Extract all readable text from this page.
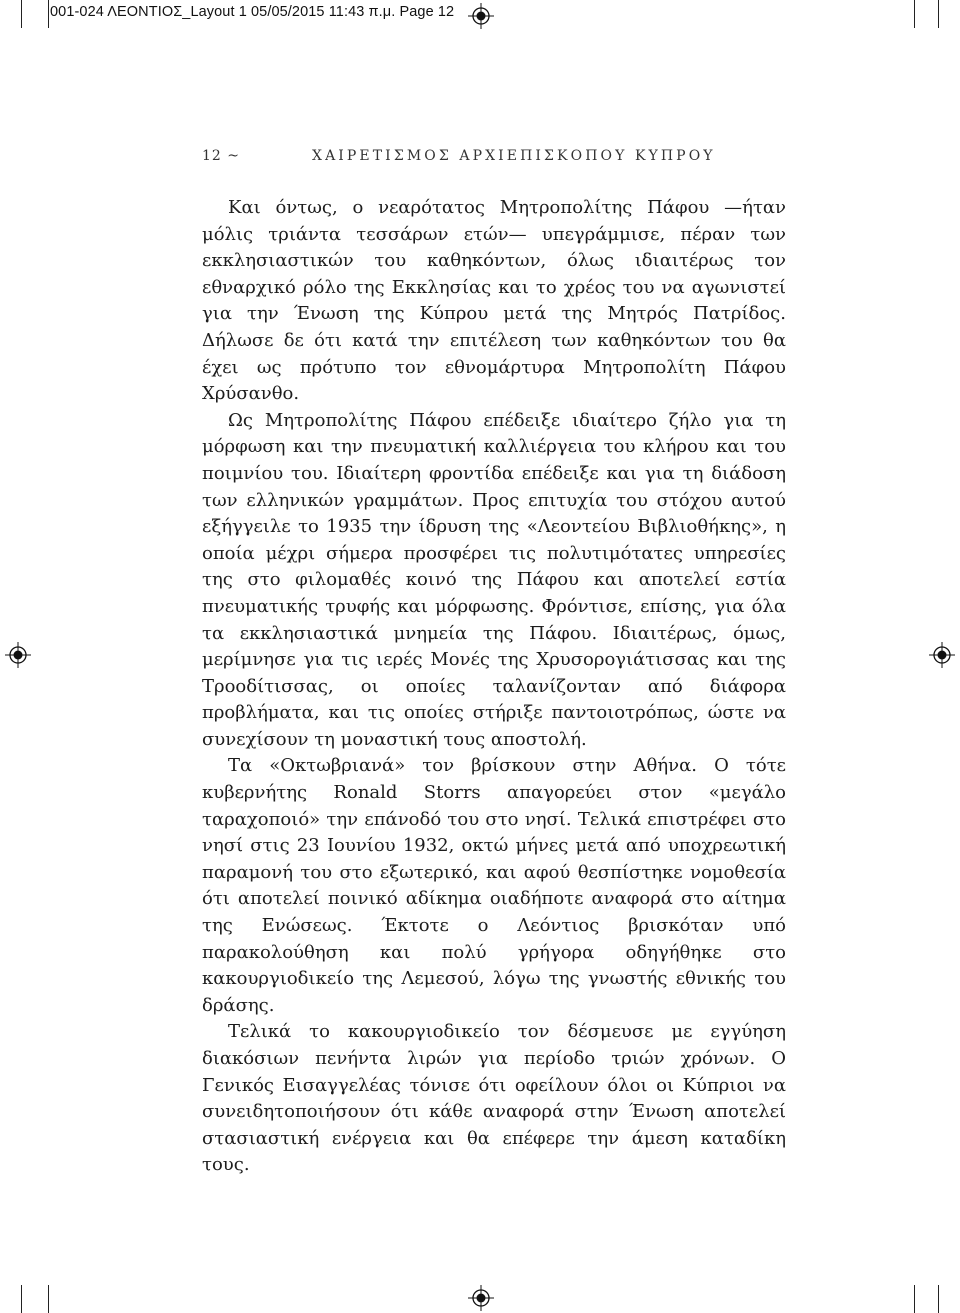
001-024 ΛΕΟΝΤΙΟΣ_Layout 1 05/05/2015 11:43 π.μ. Page 12
12 ~	ΧΑΙΡΕΤΙΣΜΟΣ ΑΡΧΙΕΠΙΣΚΟΠΟΥ ΚΥΠΡΟΥ

Και όντως, ο νεαρότατος Μητροπολίτης Πάφου —ήταν μόλις τριάντα τεσσάρων ετών— υπεγράμμισε, πέραν των εκκλησιαστικών του καθηκόντων, όλως ιδιαιτέρως τον εθναρχικό ρόλο της Εκκλησίας και το χρέος του να αγωνιστεί για την Ένωση της Κύπρου μετά της Μητρός Πατρίδος. Δήλωσε δε ότι κατά την επιτέλεση των καθηκόντων του θα έχει ως πρότυπο τον εθνομάρτυρα Μητροπολίτη Πάφου Χρύσανθο.

Ως Μητροπολίτης Πάφου επέδειξε ιδιαίτερο ζήλο για τη μόρφωση και την πνευματική καλλιέργεια του κλήρου και του ποιμνίου του. Ιδιαίτερη φροντίδα επέδειξε και για τη διάδοση των ελληνικών γραμμάτων. Προς επιτυχία του στόχου αυτού εξήγγειλε το 1935 την ίδρυση της «Λεοντείου Βιβλιοθήκης», η οποία μέχρι σήμερα προσφέρει τις πολυτιμότατες υπηρεσίες της στο φιλομαθές κοινό της Πάφου και αποτελεί εστία πνευματικής τρυφής και μόρφωσης. Φρόντισε, επίσης, για όλα τα εκκλησιαστικά μνημεία της Πάφου. Ιδιαιτέρως, όμως, μερίμνησε για τις ιερές Μονές της Χρυσορογιάτισσας και της Τροοδίτισσας, οι οποίες ταλανίζονταν από διάφορα προβλήματα, και τις οποίες στήριξε παντοιοτρόπως, ώστε να συνεχίσουν τη μοναστική τους αποστολή.

Τα «Οκτωβριανά» τον βρίσκουν στην Αθήνα. Ο τότε κυβερνήτης Ronald Storrs απαγορεύει στον «μεγάλο ταραχοποιό» την επάνοδό του στο νησί. Τελικά επιστρέφει στο νησί στις 23 Ιουνίου 1932, οκτώ μήνες μετά από υποχρεωτική παραμονή του στο εξωτερικό, και αφού θεσπίστηκε νομοθεσία ότι αποτελεί ποινικό αδίκημα οιαδήποτε αναφορά στο αίτημα της Ενώσεως. Έκτοτε ο Λεόντιος βρισκόταν υπό παρακολούθηση και πολύ γρήγορα οδηγήθηκε στο κακουργιοδικείο της Λεμεσού, λόγω της γνωστής εθνικής του δράσης.

Τελικά το κακουργιοδικείο τον δέσμευσε με εγγύηση διακόσιων πενήντα λιρών για περίοδο τριών χρόνων. Ο Γενικός Εισαγγελέας τόνισε ότι οφείλουν όλοι οι Κύπριοι να συνειδητοποιήσουν ότι κάθε αναφορά στην Ένωση αποτελεί στασιαστική ενέργεια και θα επέφερε την άμεση καταδίκη τους.
